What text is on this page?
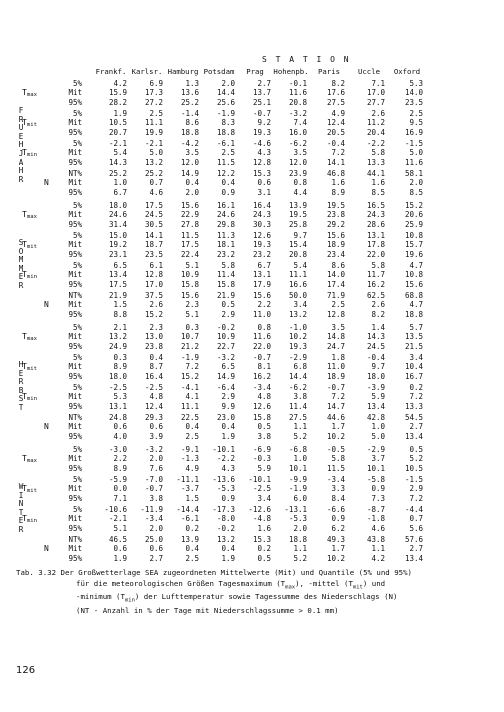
S T A T I O N
Frankf. Karlsr. Hamburg Potsdam	Prag	Hohenpb.	Paris	Uccle	Oxford
F
R
U
E
H
J
A
H
R
5%	4.2	6.9	1.3	2.0	2.7	-0.1	8.2	7.1	5.3
$T_{max}$	Mit	15.9	17.3	13.6	14.4	13.7	11.6	17.6	17.0	14.0
95%	28.2	27.2	25.2	25.6	25.1	20.8	27.5	27.7	23.5
5%	1.9	2.5	-1.4	-1.9	-0.7	-3.2	4.9	2.6	2.5
$T_{mit}$	Mit	10.5	11.1	8.6	8.3	9.2	7.4	12.4	11.2	9.5
95%	20.7	19.9	18.8	18.8	19.3	16.0	20.5	20.4	16.9
5%	-2.1	-2.1	-4.2	-6.1	-4.6	-6.2	-0.4	-2.2	-1.5
$T_{min}$	Mit	5.4	5.0	3.5	2.5	4.3	3.5	7.2	5.8	5.0
95%	14.3	13.2	12.0	11.5	12.8	12.0	14.1	13.3	11.6
NT%	25.2	25.2	14.9	12.2	15.3	23.9	46.8	44.1	58.1
N	Mit	1.0	0.7	0.4	0.4	0.6	0.8	1.6	1.6	2.0
95%	6.7	4.6	2.0	0.9	3.1	4.4	8.9	8.5	8.5
S
O
M
M
E
R
5%	18.0	17.5	15.6	16.1	16.4	13.9	19.5	16.5	15.2
$T_{max}$	Mit	24.6	24.5	22.9	24.6	24.3	19.5	23.8	24.3	20.6
95%	31.4	30.5	27.8	29.8	30.3	25.8	29.2	28.6	25.9
5%	15.0	14.1	11.5	11.3	12.6	9.7	15.6	13.1	10.8
$T_{mit}$	Mit	19.2	18.7	17.5	18.1	19.3	15.4	18.9	17.8	15.7
95%	23.1	23.5	22.4	23.2	23.2	20.8	23.4	22.0	19.6
5%	6.5	6.1	5.1	5.8	6.7	5.4	8.6	5.8	4.7
$T_{min}$	Mit	13.4	12.8	10.9	11.4	13.1	11.1	14.0	11.7	10.8
95%	17.5	17.0	15.8	15.8	17.9	16.6	17.4	16.2	15.6
NT%	21.9	37.5	15.6	21.9	15.6	50.0	71.9	62.5	68.8
N	Mit	1.5	2.6	2.3	0.5	2.2	3.4	2.5	2.6	4.7
95%	8.8	15.2	5.1	2.9	11.0	13.2	12.8	8.2	18.8
H
E
R
B
S
T
5%	2.1	2.3	0.3	-0.2	0.8	-1.0	3.5	1.4	5.7
$T_{max}$	Mit	13.2	13.0	10.7	10.9	11.6	10.2	14.8	14.3	13.5
95%	24.9	23.8	21.2	22.7	22.0	19.3	24.7	24.5	21.5
5%	0.3	0.4	-1.9	-3.2	-0.7	-2.9	1.8	-0.4	3.4
$T_{mit}$	Mit	8.9	8.7	7.2	6.5	8.1	6.8	11.0	9.7	10.4
95%	18.0	16.4	15.2	14.9	16.2	14.4	18.9	18.0	16.7
5%	-2.5	-2.5	-4.1	-6.4	-3.4	-6.2	-0.7	-3.9	0.2
$T_{min}$	Mit	5.3	4.8	4.1	2.9	4.8	3.8	7.2	5.9	7.2
95%	13.1	12.4	11.1	9.9	12.6	11.4	14.7	13.4	13.3
NT%	24.8	29.3	22.5	23.0	15.8	27.5	44.6	42.8	54.5
N	Mit	0.6	0.6	0.4	0.4	0.5	1.1	1.7	1.0	2.7
95%	4.0	3.9	2.5	1.9	3.8	5.2	10.2	5.0	13.4
W
I
N
T
E
R
5%	-3.0	-3.2	-9.1	-10.1	-6.9	-6.8	-0.5	-2.9	0.5
$T_{max}$	Mit	2.2	2.0	-1.3	-2.2	-0.3	1.0	5.8	3.7	5.2
95%	8.9	7.6	4.9	4.3	5.9	10.1	11.5	10.1	10.5
5%	-5.9	-7.0	-11.1	-13.6	-10.1	-9.9	-3.4	-5.8	-1.5
$T_{mit}$	Mit	0.0	-0.7	-3.7	-5.3	-2.5	-1.9	3.3	0.9	2.9
95%	7.1	3.8	1.5	0.9	3.4	6.0	8.4	7.3	7.2
5%	-10.6	-11.9	-14.4	-17.3	-12.6	-13.1	-6.6	-8.7	-4.4
$T_{min}$	Mit	-2.1	-3.4	-6.1	-8.0	-4.8	-5.3	0.9	-1.8	0.7
95%	5.1	2.0	0.2	-0.2	1.6	2.0	6.2	4.6	5.6
NT%	46.5	25.0	13.9	13.2	15.3	18.8	49.3	43.8	57.6
N	Mit	0.6	0.6	0.4	0.4	0.2	1.1	1.7	1.1	2.7
95%	1.9	2.7	2.5	1.9	0.5	5.2	10.2	4.2	13.4
Tab. 3.32 Der Großwetterlage SEA zugeordneten Mittelwerte (Mit) und Quantile (5% und 95%)
für die meteorologischen Größen Tagesmaximum $(T_{max})$, -mittel $(T_{mit})$ und
-minimum $(T_{min})$ der Lufttemperatur sowie Tagessumme des Niederschlags (N)
(NT - Anzahl in % der Tage mit Niederschlagssumme > 0.1 mm)
126
